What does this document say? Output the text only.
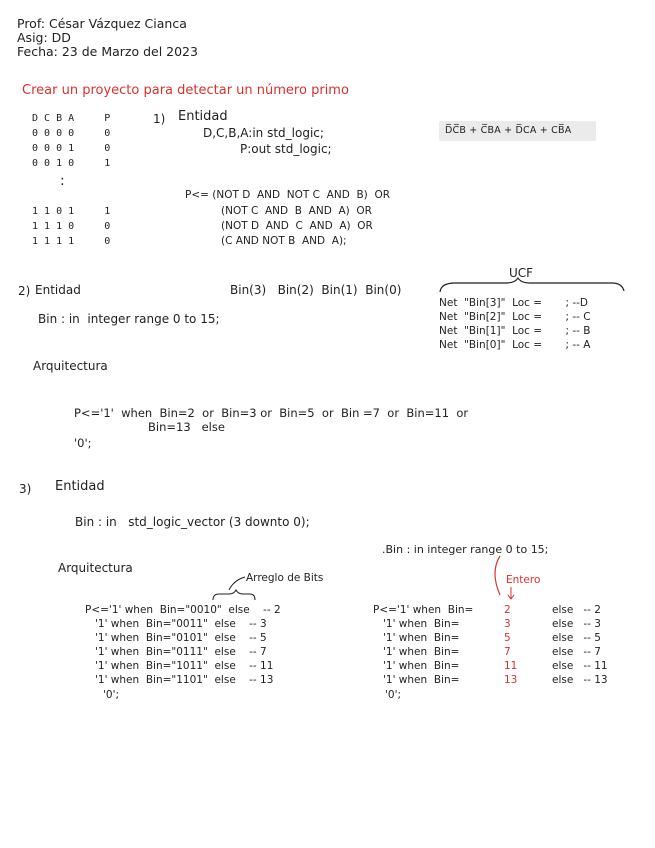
Prof: César Vázquez Cianca
Asig: DD
Fecha: 23 de Marzo del 2023
Crear un proyecto para detectar un número primo
D C B A     P
0 0 0 0     0
0 0 0 1     0
0 0 1 0     1
:
1 1 0 1     1
1 1 1 0     0
1 1 1 1     0
1) Entidad
D,C,B,A:in std_logic;
P:out std_logic;
D̅C̅B + C̅BA + D̅CA + CB̅A
P<= (NOT D  AND  NOT C  AND  B)  OR
(NOT C  AND  B  AND  A)  OR
(NOT D  AND  C  AND  A)  OR
(C AND NOT B  AND  A);
2) Entidad	Bin(3)   Bin(2)  Bin(1)  Bin(0)
Bin : in  integer range 0 to 15;
UCF
Net  "Bin[3]"  Loc =       ; --D
Net  "Bin[2]"  Loc =       ; -- C
Net  "Bin[1]"  Loc =       ; -- B
Net  "Bin[0]"  Loc =       ; -- A
Arquitectura
P<='1'  when  Bin=2  or  Bin=3 or  Bin=5  or  Bin =7  or  Bin=11  or
Bin=13   else
'0';
3) Entidad
Bin : in   std_logic_vector (3 downto 0);
Arquitectura
Arreglo de Bits
P<='1' when  Bin="0010"  else    -- 2
'1' when  Bin="0011"  else    -- 3
'1' when  Bin="0101"  else    -- 5
'1' when  Bin="0111"  else    -- 7
'1' when  Bin="1011"  else    -- 11
'1' when  Bin="1101"  else    -- 13
'0';
.Bin : in integer range 0 to 15;
Entero
P<='1' when  Bin=	2	else   -- 2
'1' when  Bin=	3	else   -- 3
'1' when  Bin=	5	else   -- 5
'1' when  Bin=	7	else   -- 7
'1' when  Bin=	11	else   -- 11
'1' when  Bin=	13	else   -- 13
'0';
